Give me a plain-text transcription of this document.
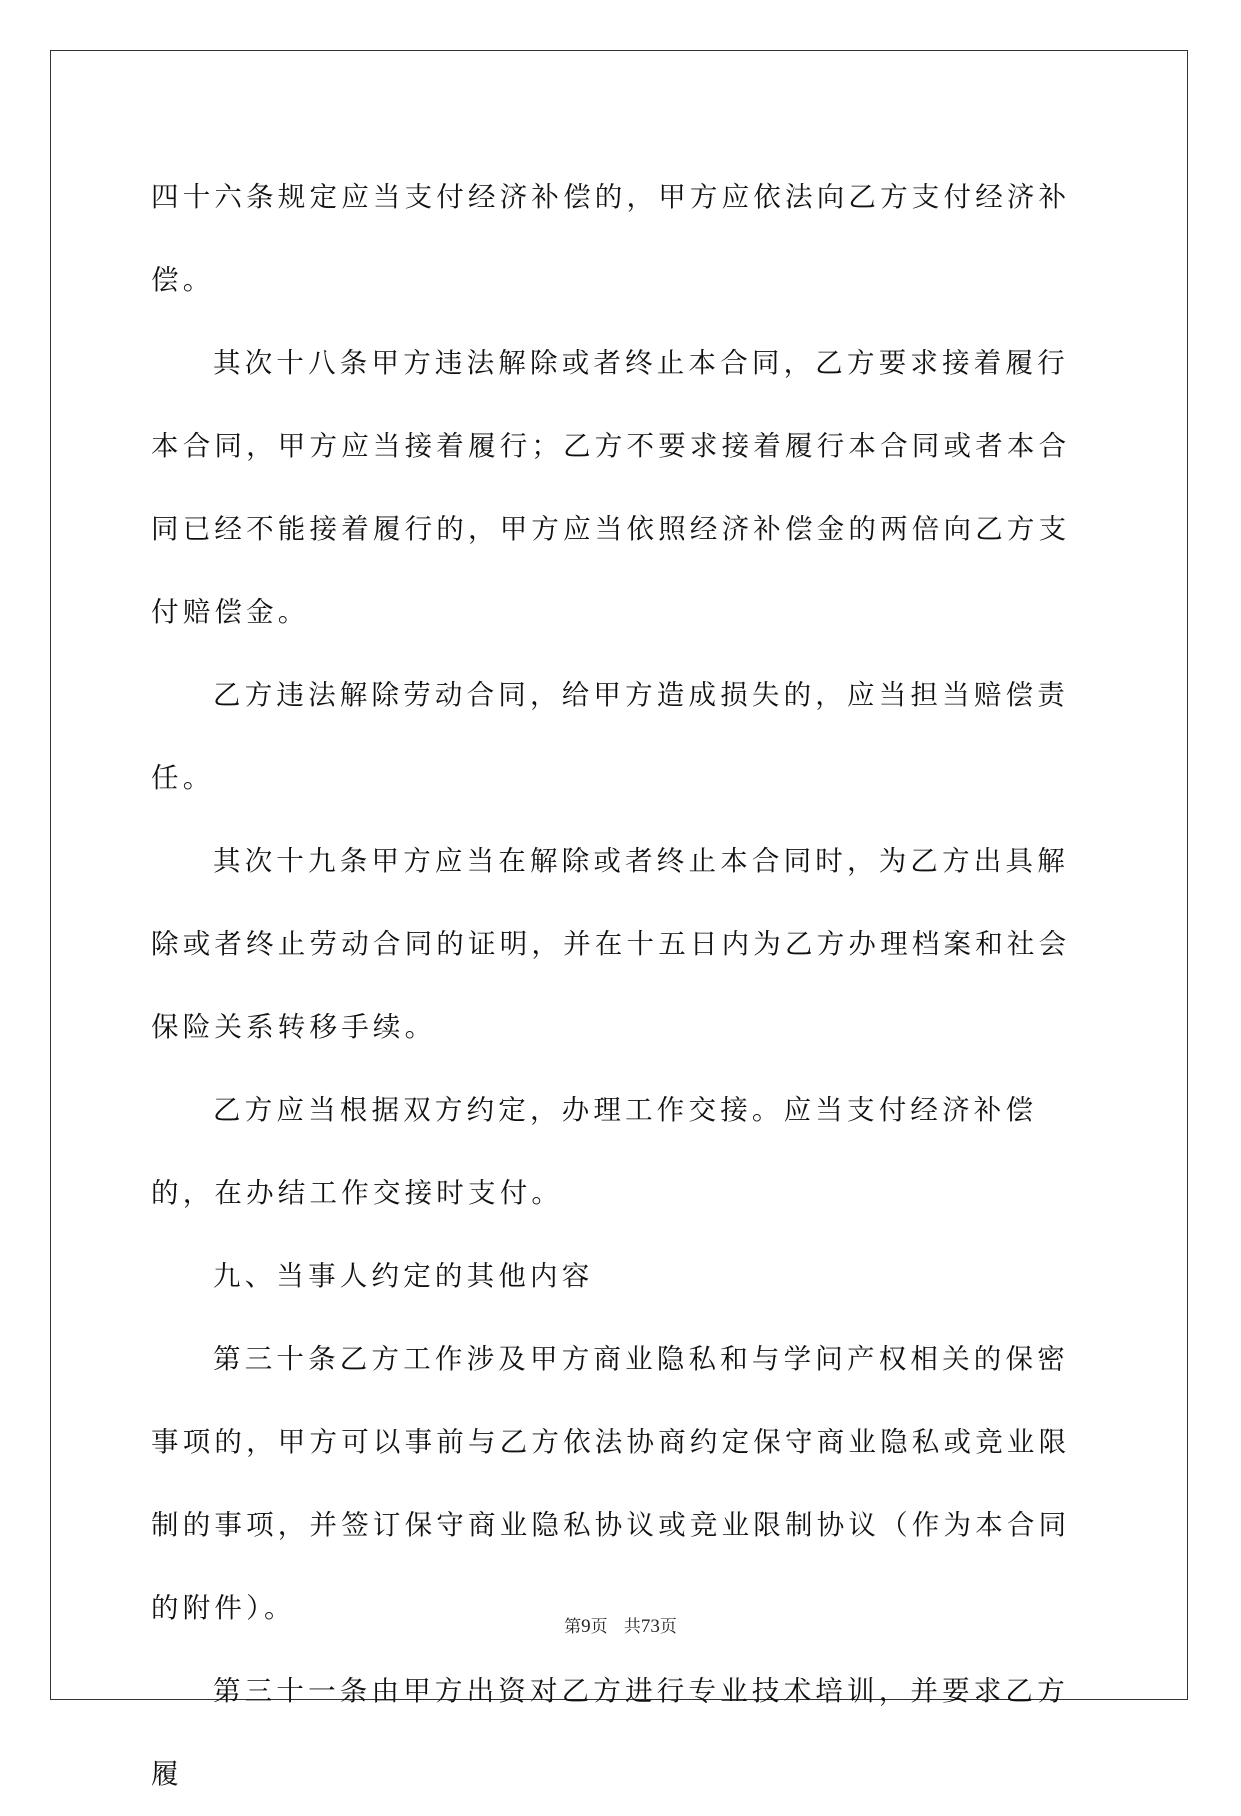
四十六条规定应当支付经济补偿的，甲方应依法向乙方支付经济补偿。

其次十八条甲方违法解除或者终止本合同，乙方要求接着履行本合同，甲方应当接着履行；乙方不要求接着履行本合同或者本合同已经不能接着履行的，甲方应当依照经济补偿金的两倍向乙方支付赔偿金。

乙方违法解除劳动合同，给甲方造成损失的，应当担当赔偿责任。

其次十九条甲方应当在解除或者终止本合同时，为乙方出具解除或者终止劳动合同的证明，并在十五日内为乙方办理档案和社会保险关系转移手续。

乙方应当根据双方约定，办理工作交接。应当支付经济补偿的，在办结工作交接时支付。

九、当事人约定的其他内容

第三十条乙方工作涉及甲方商业隐私和与学问产权相关的保密事项的，甲方可以事前与乙方依法协商约定保守商业隐私或竞业限制的事项，并签订保守商业隐私协议或竞业限制协议（作为本合同的附件）。

第三十一条由甲方出资对乙方进行专业技术培训，并要求乙方履

第9页 共73页
